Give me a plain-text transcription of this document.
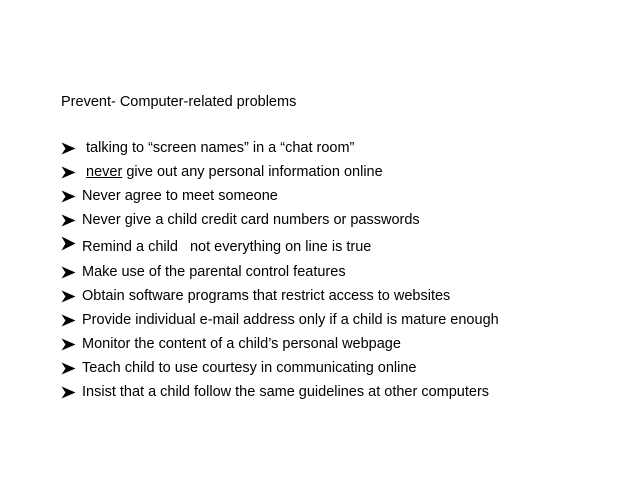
Prevent- Computer-related problems
talking to “screen names” in a “chat room”
never give out any personal information online
Never agree to meet someone
Never give a child credit card numbers or passwords
Remind a child   not everything on line is true
Make use of the parental control features
Obtain software programs that restrict access to websites
Provide individual e-mail address only if a child is mature enough
Monitor the content of a child’s personal webpage
Teach child to use courtesy in communicating online
Insist that a child follow the same guidelines at other computers
